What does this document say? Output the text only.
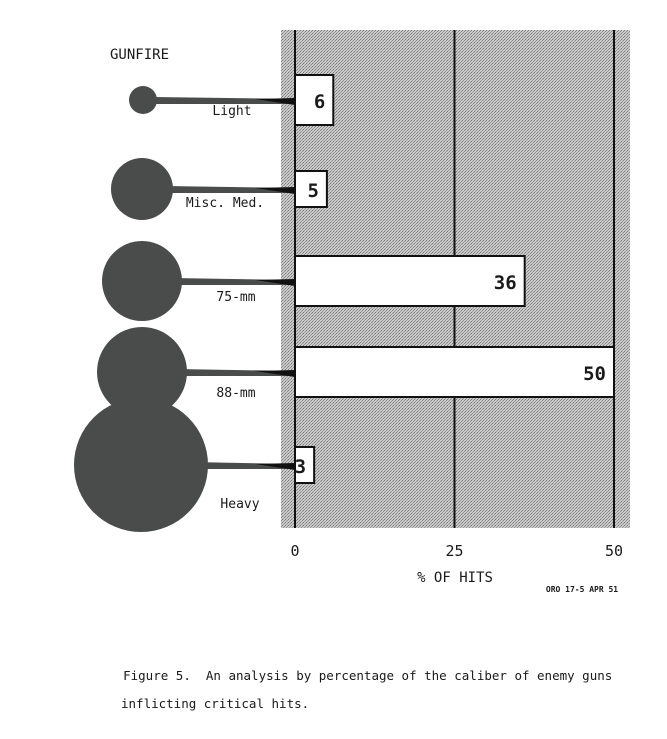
GUNFIRE
Light
Misc. Med.
75-mm
88-mm
Heavy
6
5
36
50
3
0	25	50
% OF HITS
ORO 17-5 APR 51

Figure 5.  An analysis by percentage of the caliber of enemy guns

inflicting critical hits.
